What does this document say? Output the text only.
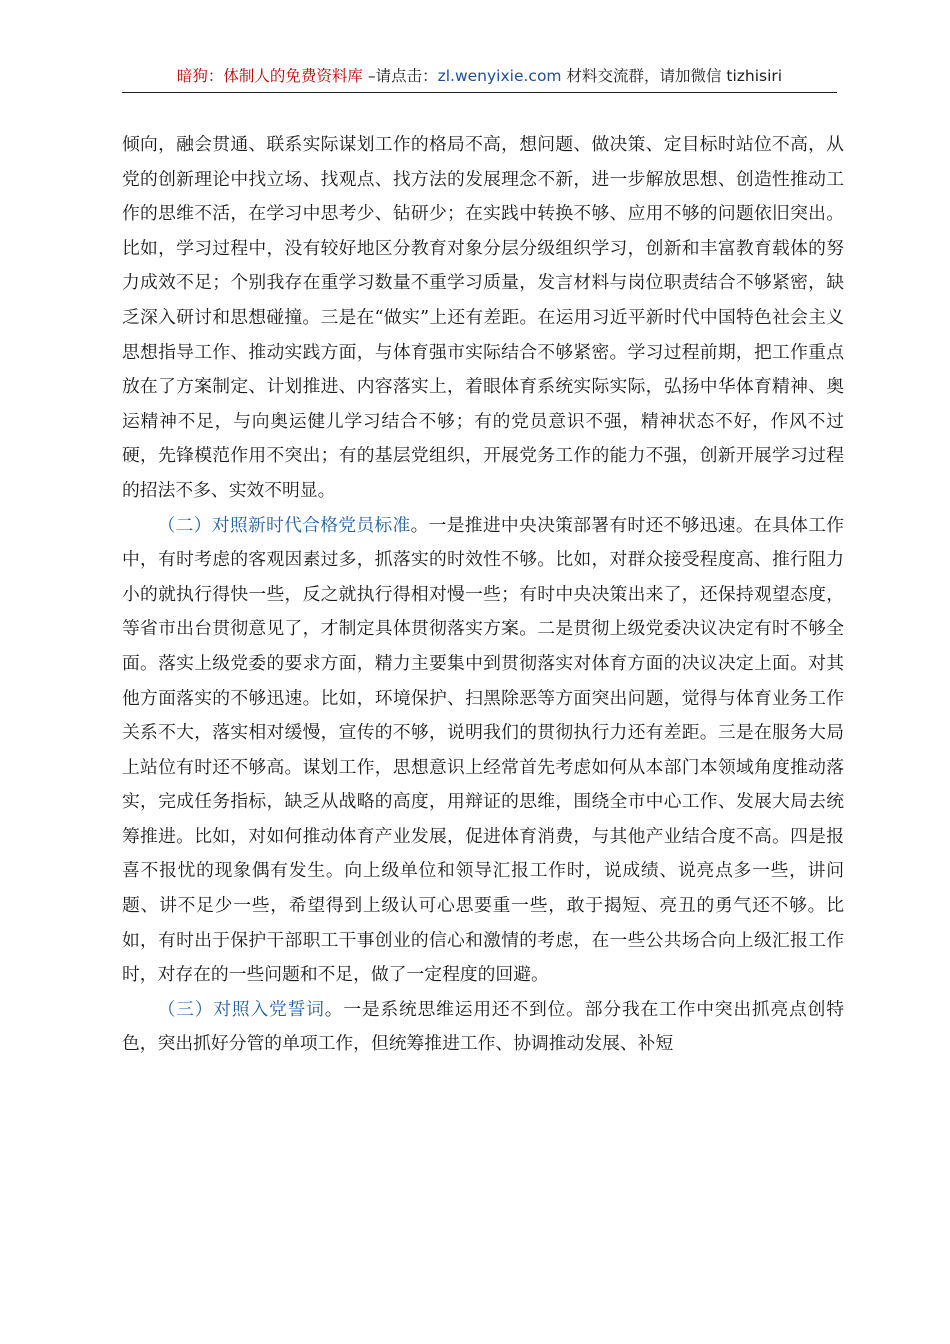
暗狗：体制人的免费资料库 –请点击：zl.wenyixie.com 材料交流群，请加微信 tizhisiri

倾向，融会贯通、联系实际谋划工作的格局不高，想问题、做决策、定目标时站位不高，从党的创新理论中找立场、找观点、找方法的发展理念不新，进一步解放思想、创造性推动工作的思维不活，在学习中思考少、钻研少；在实践中转换不够、应用不够的问题依旧突出。比如，学习过程中，没有较好地区分教育对象分层分级组织学习，创新和丰富教育载体的努力成效不足；个别我存在重学习数量不重学习质量，发言材料与岗位职责结合不够紧密，缺乏深入研讨和思想碰撞。三是在“做实”上还有差距。在运用习近平新时代中国特色社会主义思想指导工作、推动实践方面，与体育强市实际结合不够紧密。学习过程前期，把工作重点放在了方案制定、计划推进、内容落实上，着眼体育系统实际实际，弘扬中华体育精神、奥运精神不足，与向奥运健儿学习结合不够；有的党员意识不强，精神状态不好，作风不过硬，先锋模范作用不突出；有的基层党组织，开展党务工作的能力不强，创新开展学习过程的招法不多、实效不明显。

（二）对照新时代合格党员标准。一是推进中央决策部署有时还不够迅速。在具体工作中，有时考虑的客观因素过多，抓落实的时效性不够。比如，对群众接受程度高、推行阻力小的就执行得快一些，反之就执行得相对慢一些；有时中央决策出来了，还保持观望态度，等省市出台贯彻意见了，才制定具体贯彻落实方案。二是贯彻上级党委决议决定有时不够全面。落实上级党委的要求方面，精力主要集中到贯彻落实对体育方面的决议决定上面。对其他方面落实的不够迅速。比如，环境保护、扫黑除恶等方面突出问题，觉得与体育业务工作关系不大，落实相对缓慢，宣传的不够，说明我们的贯彻执行力还有差距。三是在服务大局上站位有时还不够高。谋划工作，思想意识上经常首先考虑如何从本部门本领域角度推动落实，完成任务指标，缺乏从战略的高度，用辩证的思维，围绕全市中心工作、发展大局去统筹推进。比如，对如何推动体育产业发展，促进体育消费，与其他产业结合度不高。四是报喜不报忧的现象偶有发生。向上级单位和领导汇报工作时，说成绩、说亮点多一些，讲问题、讲不足少一些，希望得到上级认可心思要重一些，敢于揭短、亮丑的勇气还不够。比如，有时出于保护干部职工干事创业的信心和激情的考虑，在一些公共场合向上级汇报工作时，对存在的一些问题和不足，做了一定程度的回避。

（三）对照入党誓词。一是系统思维运用还不到位。部分我在工作中突出抓亮点创特色，突出抓好分管的单项工作，但统筹推进工作、协调推动发展、补短
